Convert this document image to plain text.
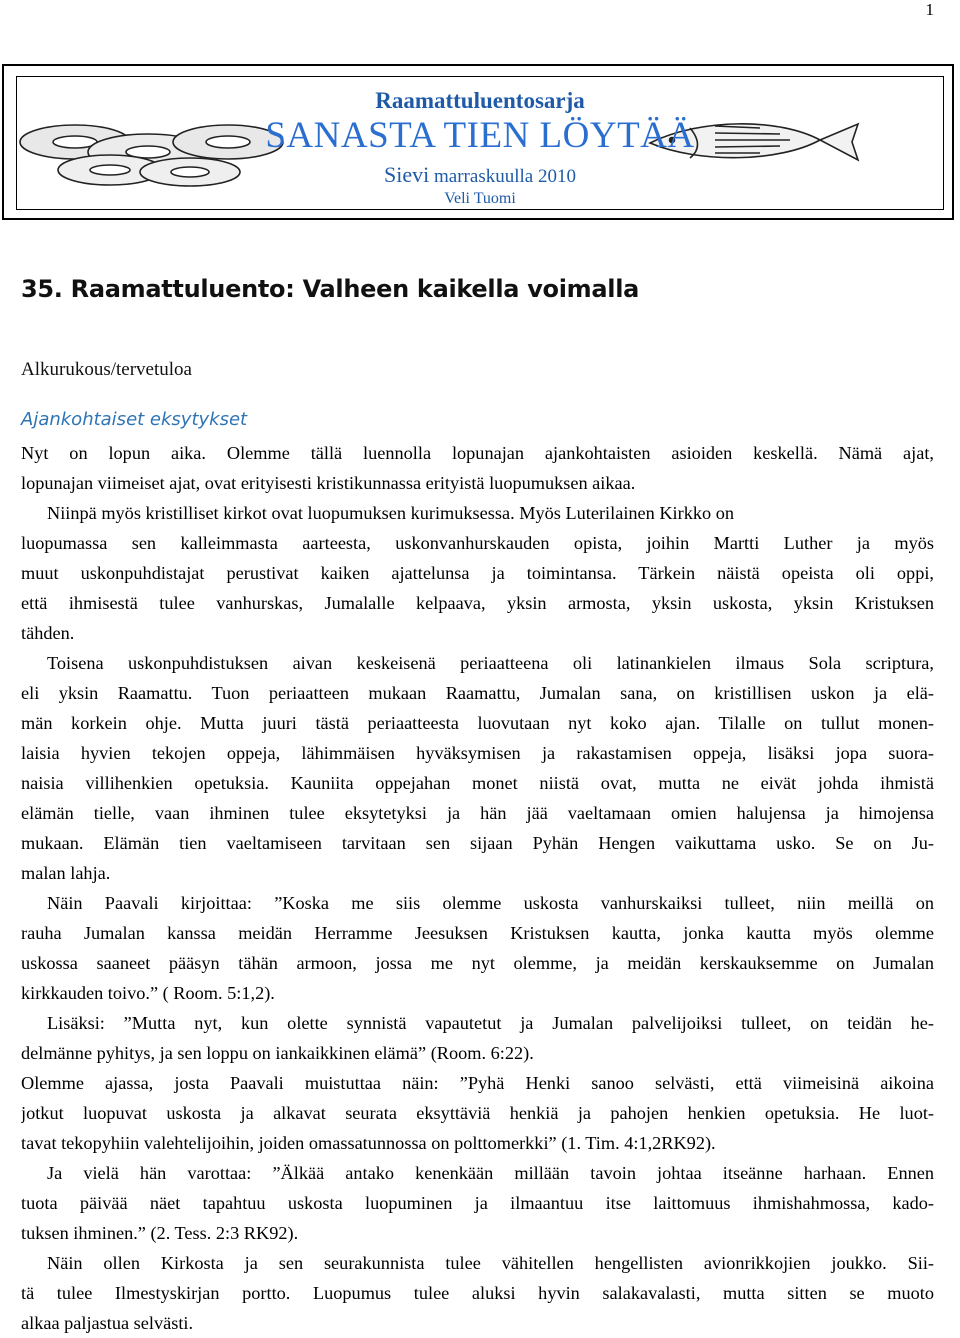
1
Raamattuluentosarja
SANASTA TIEN LÖYTÄÄ
Sievi marraskuulla 2010
Veli Tuomi
35. Raamattuluento: Valheen kaikella voimalla
Alkurukous/tervetuloa
Ajankohtaiset eksytykset
Nyt on lopun aika. Olemme tällä luennolla lopunajan ajankohtaisten asioiden keskellä. Nämä ajat,
lopunajan viimeiset ajat, ovat erityisesti kristikunnassa erityistä luopumuksen aikaa.
Niinpä myös kristilliset kirkot ovat luopumuksen kurimuksessa. Myös Luterilainen Kirkko on
luopumassa sen kalleimmasta aarteesta, uskonvanhurskauden opista, joihin Martti Luther ja myös
muut uskonpuhdistajat perustivat kaiken ajattelunsa ja toimintansa. Tärkein näistä opeista oli oppi,
että ihmisestä tulee vanhurskas, Jumalalle kelpaava, yksin armosta, yksin uskosta, yksin Kristuksen
tähden.
Toisena uskonpuhdistuksen aivan keskeisenä periaatteena oli latinankielen ilmaus Sola scriptura,
eli yksin Raamattu. Tuon periaatteen mukaan Raamattu, Jumalan sana, on kristillisen uskon ja elä-
män korkein ohje. Mutta juuri tästä periaatteesta luovutaan nyt koko ajan. Tilalle on tullut monen-
laisia hyvien tekojen oppeja, lähimmäisen hyväksymisen ja rakastamisen oppeja, lisäksi jopa suora-
naisia villihenkien opetuksia. Kauniita oppejahan monet niistä ovat, mutta ne eivät johda ihmistä
elämän tielle, vaan ihminen tulee eksytetyksi ja hän jää vaeltamaan omien halujensa ja himojensa
mukaan. Elämän tien vaeltamiseen tarvitaan sen sijaan Pyhän Hengen vaikuttama usko. Se on Ju-
malan lahja.
Näin Paavali kirjoittaa: ”Koska me siis olemme uskosta vanhurskaiksi tulleet, niin meillä on
rauha Jumalan kanssa meidän Herramme Jeesuksen Kristuksen kautta, jonka kautta myös olemme
uskossa saaneet pääsyn tähän armoon, jossa me nyt olemme, ja meidän kerskauksemme on Jumalan
kirkkauden toivo.” ( Room. 5:1,2).
Lisäksi: ”Mutta nyt, kun olette synnistä vapautetut ja Jumalan palvelijoiksi tulleet, on teidän he-
delmänne pyhitys, ja sen loppu on iankaikkinen elämä” (Room. 6:22).
Olemme ajassa, josta Paavali muistuttaa näin: ”Pyhä Henki sanoo selvästi, että viimeisinä aikoina
jotkut luopuvat uskosta ja alkavat seurata eksyttäviä henkiä ja pahojen henkien opetuksia. He luot-
tavat tekopyhiin valehtelijoihin, joiden omassatunnossa on polttomerkki” (1. Tim. 4:1,2RK92).
Ja vielä hän varottaa: ”Älkää antako kenenkään millään tavoin johtaa itseänne harhaan. Ennen
tuota päivää näet tapahtuu uskosta luopuminen ja ilmaantuu itse laittomuus ihmishahmossa, kado-
tuksen ihminen.” (2. Tess. 2:3 RK92).
Näin ollen Kirkosta ja sen seurakunnista tulee vähitellen hengellisten avionrikkojien joukko. Sii-
tä tulee Ilmestyskirjan portto. Luopumus tulee aluksi hyvin salakavalasti, mutta sitten se muoto
alkaa paljastua selvästi.
